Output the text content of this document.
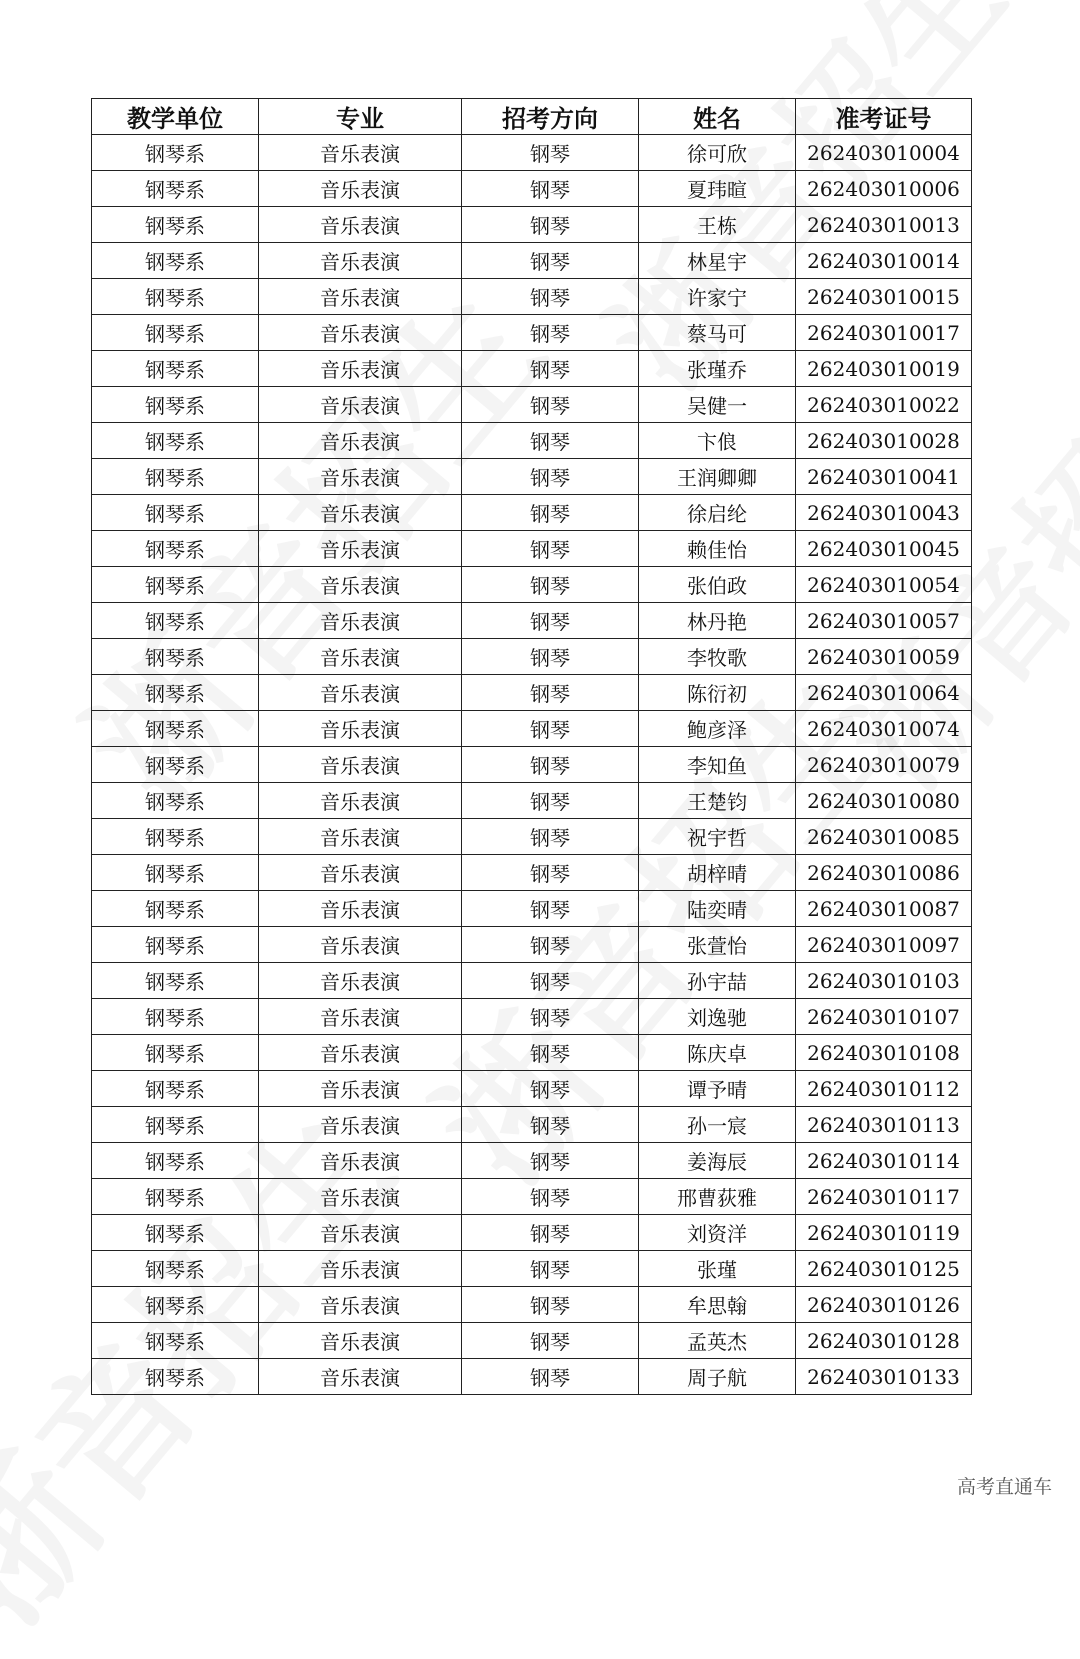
教学单位	专业	招考方向	姓名	准考证号
钢琴系	音乐表演	钢琴	徐可欣	262403010004
钢琴系	音乐表演	钢琴	夏玮暄	262403010006
钢琴系	音乐表演	钢琴	王栋	262403010013
钢琴系	音乐表演	钢琴	林星宇	262403010014
钢琴系	音乐表演	钢琴	许家宁	262403010015
钢琴系	音乐表演	钢琴	蔡马可	262403010017
钢琴系	音乐表演	钢琴	张瑾乔	262403010019
钢琴系	音乐表演	钢琴	吴健一	262403010022
钢琴系	音乐表演	钢琴	卞俍	262403010028
钢琴系	音乐表演	钢琴	王润卿卿	262403010041
钢琴系	音乐表演	钢琴	徐启纶	262403010043
钢琴系	音乐表演	钢琴	赖佳怡	262403010045
钢琴系	音乐表演	钢琴	张伯政	262403010054
钢琴系	音乐表演	钢琴	林丹艳	262403010057
钢琴系	音乐表演	钢琴	李牧歌	262403010059
钢琴系	音乐表演	钢琴	陈衍初	262403010064
钢琴系	音乐表演	钢琴	鲍彦泽	262403010074
钢琴系	音乐表演	钢琴	李知鱼	262403010079
钢琴系	音乐表演	钢琴	王楚钧	262403010080
钢琴系	音乐表演	钢琴	祝宇哲	262403010085
钢琴系	音乐表演	钢琴	胡梓晴	262403010086
钢琴系	音乐表演	钢琴	陆奕晴	262403010087
钢琴系	音乐表演	钢琴	张萱怡	262403010097
钢琴系	音乐表演	钢琴	孙宇喆	262403010103
钢琴系	音乐表演	钢琴	刘逸驰	262403010107
钢琴系	音乐表演	钢琴	陈庆卓	262403010108
钢琴系	音乐表演	钢琴	谭予晴	262403010112
钢琴系	音乐表演	钢琴	孙一宸	262403010113
钢琴系	音乐表演	钢琴	姜海辰	262403010114
钢琴系	音乐表演	钢琴	邢曹荻雅	262403010117
钢琴系	音乐表演	钢琴	刘资洋	262403010119
钢琴系	音乐表演	钢琴	张瑾	262403010125
钢琴系	音乐表演	钢琴	牟思翰	262403010126
钢琴系	音乐表演	钢琴	孟英杰	262403010128
钢琴系	音乐表演	钢琴	周子航	262403010133
高考直通车
